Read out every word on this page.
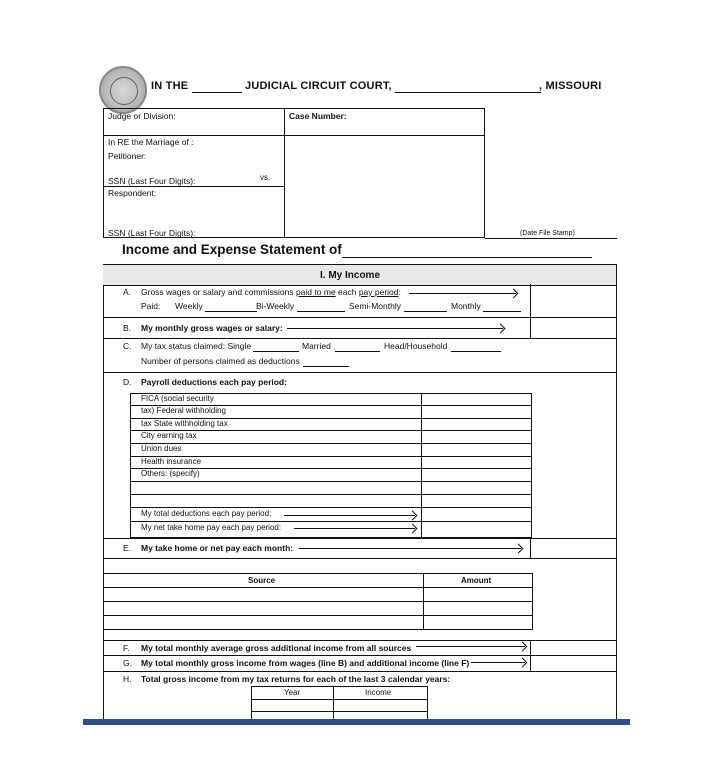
IN THE	JUDICIAL CIRCUIT COURT,	, MISSOURI
Judge or Division:	Case Number:
In RE the Marriage of :
Petitioner:
SSN (Last Four Digits):	vs.
Respondent:
SSN (Last Four Digits):	(Date File Stamp)
Income and Expense Statement of
I. My Income
A. Gross wages or salary and commissions paid to me each pay period:
Paid: Weekly	Bi-Weekly	Semi-Monthly	Monthly
B. My monthly gross wages or salary:
C. My tax status claimed: Single	Married	Head/Household
Number of persons claimed as deductions
D. Payroll deductions each pay period:
FICA (social security
tax) Federal withholding
tax State withholding tax
City earning tax
Union dues
Health insurance
Others: (specify)
My total deductions each pay period:
My net take home pay each pay period:
E. My take home or net pay each month:
Source	Amount
F. My total monthly average gross additional income from all sources
G. My total monthly gross income from wages (line B) and additional income (line F)
H. Total gross income from my tax returns for each of the last 3 calendar years:
Year	Income
